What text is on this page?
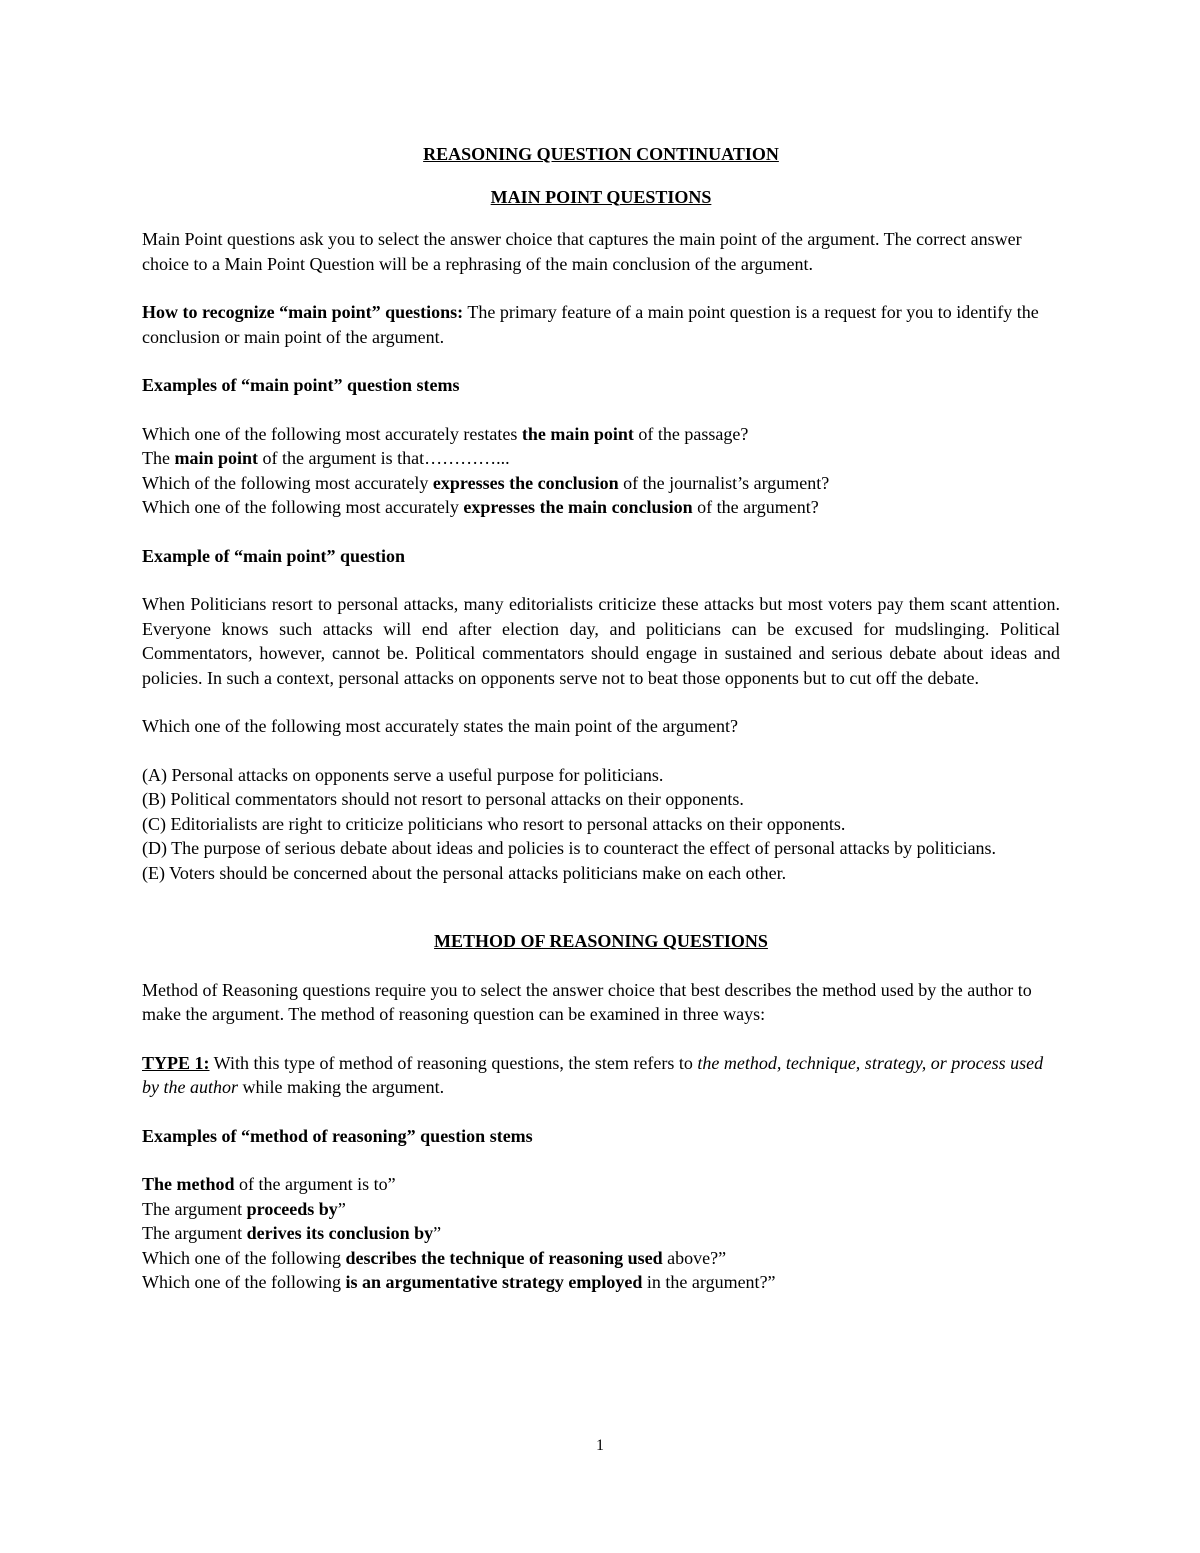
REASONING QUESTION CONTINUATION

MAIN POINT QUESTIONS

Main Point questions ask you to select the answer choice that captures the main point of the argument. The correct answer choice to a Main Point Question will be a rephrasing of the main conclusion of the argument.

How to recognize “main point” questions: The primary feature of a main point question is a request for you to identify the conclusion or main point of the argument.

Examples of “main point” question stems

Which one of the following most accurately restates the main point of the passage?

The main point of the argument is that…………...

Which of the following most accurately expresses the conclusion of the journalist’s argument?

Which one of the following most accurately expresses the main conclusion of the argument?

Example of “main point” question

When Politicians resort to personal attacks, many editorialists criticize these attacks but most voters pay them scant attention. Everyone knows such attacks will end after election day, and politicians can be excused for mudslinging. Political Commentators, however, cannot be. Political commentators should engage in sustained and serious debate about ideas and policies. In such a context, personal attacks on opponents serve not to beat those opponents but to cut off the debate.

Which one of the following most accurately states the main point of the argument?

(A) Personal attacks on opponents serve a useful purpose for politicians.

(B) Political commentators should not resort to personal attacks on their opponents.

(C) Editorialists are right to criticize politicians who resort to personal attacks on their opponents.

(D) The purpose of serious debate about ideas and policies is to counteract the effect of personal attacks by politicians.

(E) Voters should be concerned about the personal attacks politicians make on each other.

METHOD OF REASONING QUESTIONS

Method of Reasoning questions require you to select the answer choice that best describes the method used by the author to make the argument. The method of reasoning question can be examined in three ways:

TYPE 1: With this type of method of reasoning questions, the stem refers to the method, technique, strategy, or process used by the author while making the argument.

Examples of “method of reasoning” question stems

The method of the argument is to”

The argument proceeds by”

The argument derives its conclusion by”

Which one of the following describes the technique of reasoning used above?”

Which one of the following is an argumentative strategy employed in the argument?”

1
